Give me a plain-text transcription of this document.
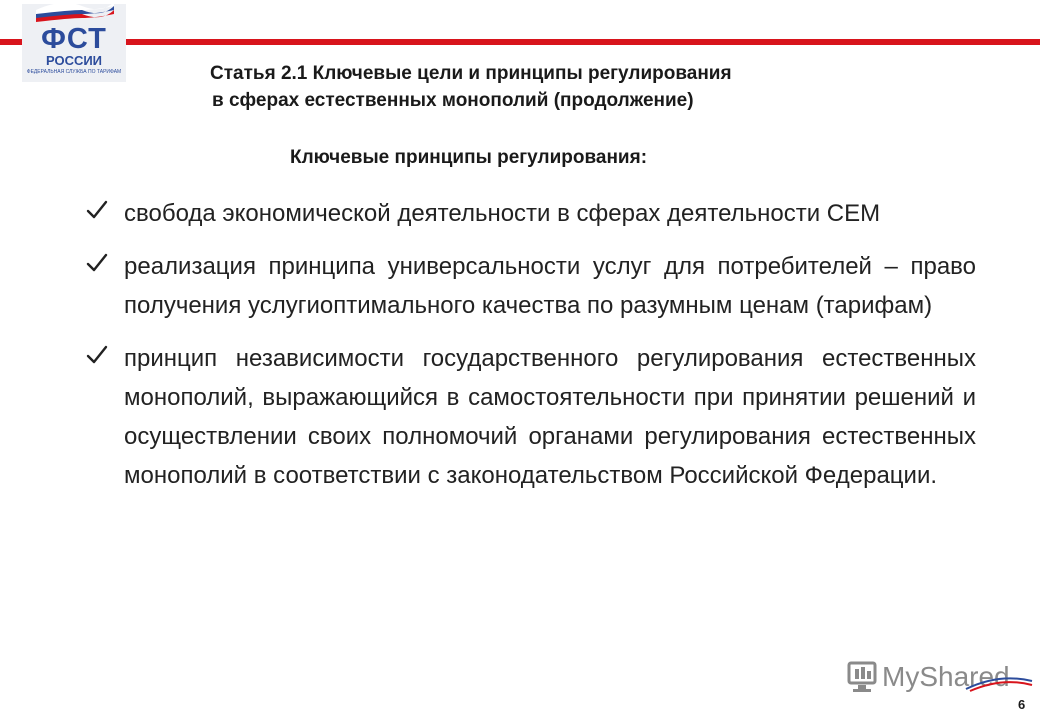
ФСТ
РОССИИ
ФЕДЕРАЛЬНАЯ СЛУЖБА ПО ТАРИФАМ	Статья 2.1 Ключевые цели и принципы регулирования
в сферах естественных монополий (продолжение)
Ключевые принципы регулирования:
свобода экономической деятельности в сферах деятельности СЕМ
реализация принципа универсальности услуг для потребителей – право получения услугиоптимального качества по разумным ценам (тарифам)
принцип независимости государственного регулирования естественных монополий, выражающийся в самостоятельности при принятии решений и осуществлении своих полномочий органами регулирования естественных монополий в соответствии с законодательством Российской Федерации.
MyShared
6
